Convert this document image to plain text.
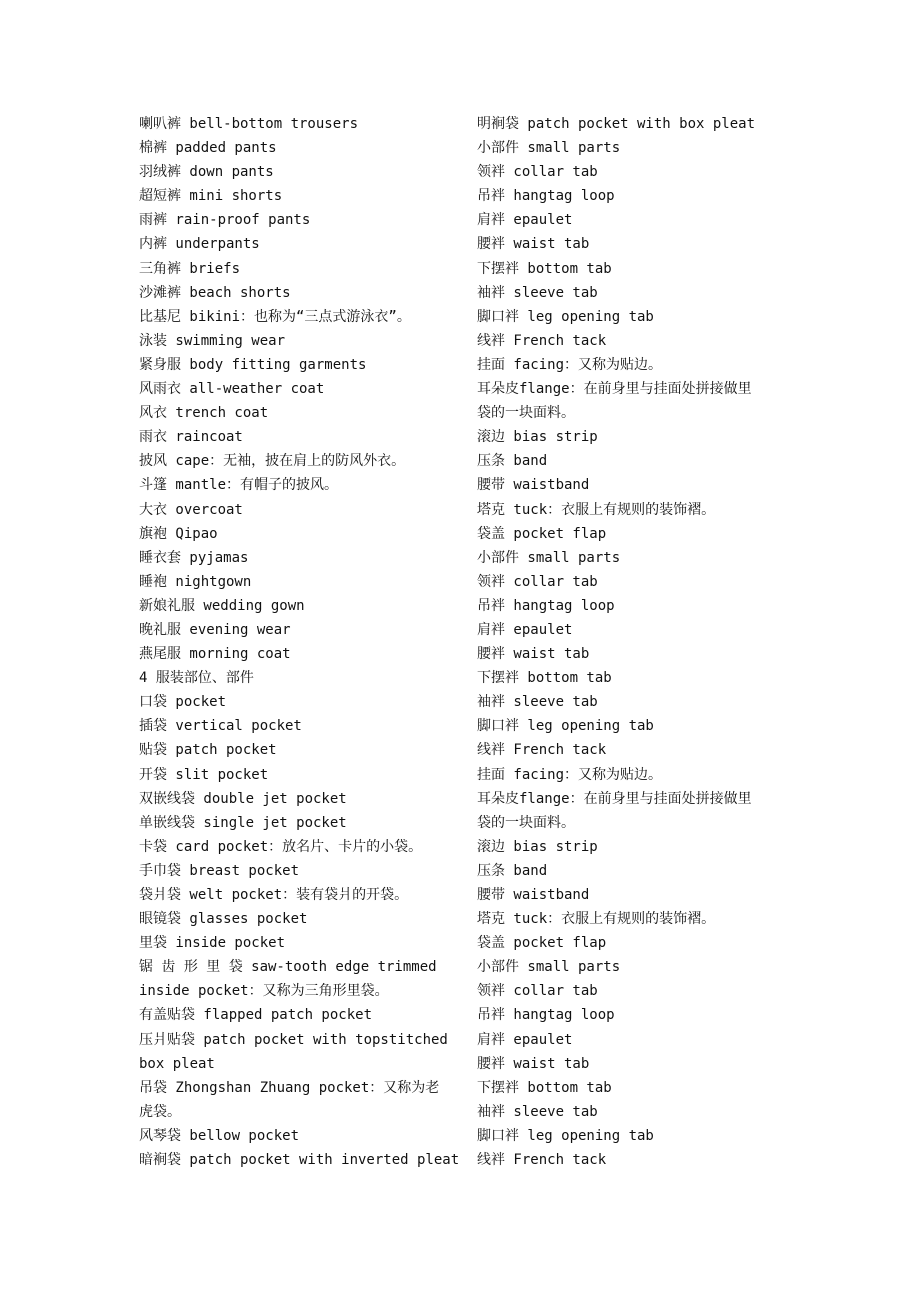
喇叭裤 bell-bottom trousers
棉裤 padded pants
羽绒裤 down pants
超短裤 mini shorts
雨裤 rain-proof pants
内裤 underpants
三角裤 briefs
沙滩裤 beach shorts
比基尼 bikini：也称为“三点式游泳衣”。
泳装 swimming wear
紧身服 body fitting garments
风雨衣 all-weather coat
风衣 trench coat
雨衣 raincoat
披风 cape：无袖，披在肩上的防风外衣。
斗篷 mantle：有帽子的披风。
大衣 overcoat
旗袍 Qipao
睡衣套 pyjamas
睡袍 nightgown
新娘礼服 wedding gown
晚礼服 evening wear
燕尾服 morning coat
4 服装部位、部件
口袋 pocket
插袋 vertical pocket
贴袋 patch pocket
开袋 slit pocket
双嵌线袋 double jet pocket
单嵌线袋 single jet pocket
卡袋 card pocket：放名片、卡片的小袋。
手巾袋 breast pocket
袋爿袋 welt pocket：装有袋爿的开袋。
眼镜袋 glasses pocket
里袋 inside pocket
锯 齿 形 里 袋 saw-tooth edge trimmed
inside pocket：又称为三角形里袋。
有盖贴袋 flapped patch pocket
压爿贴袋 patch pocket with topstitched
box pleat
吊袋 Zhongshan Zhuang pocket：又称为老
虎袋。
风琴袋 bellow pocket
暗裥袋 patch pocket with inverted pleat
明裥袋 patch pocket with box pleat
小部件 small parts
领袢 collar tab
吊袢 hangtag loop
肩袢 epaulet
腰袢 waist tab
下摆袢 bottom tab
袖袢 sleeve tab
脚口袢 leg opening tab
线袢 French tack
挂面 facing：又称为贴边。
耳朵皮flange：在前身里与挂面处拼接做里
袋的一块面料。
滚边 bias strip
压条 band
腰带 waistband
塔克 tuck：衣服上有规则的装饰褶。
袋盖 pocket flap
小部件 small parts
领袢 collar tab
吊袢 hangtag loop
肩袢 epaulet
腰袢 waist tab
下摆袢 bottom tab
袖袢 sleeve tab
脚口袢 leg opening tab
线袢 French tack
挂面 facing：又称为贴边。
耳朵皮flange：在前身里与挂面处拼接做里
袋的一块面料。
滚边 bias strip
压条 band
腰带 waistband
塔克 tuck：衣服上有规则的装饰褶。
袋盖 pocket flap
小部件 small parts
领袢 collar tab
吊袢 hangtag loop
肩袢 epaulet
腰袢 waist tab
下摆袢 bottom tab
袖袢 sleeve tab
脚口袢 leg opening tab
线袢 French tack
